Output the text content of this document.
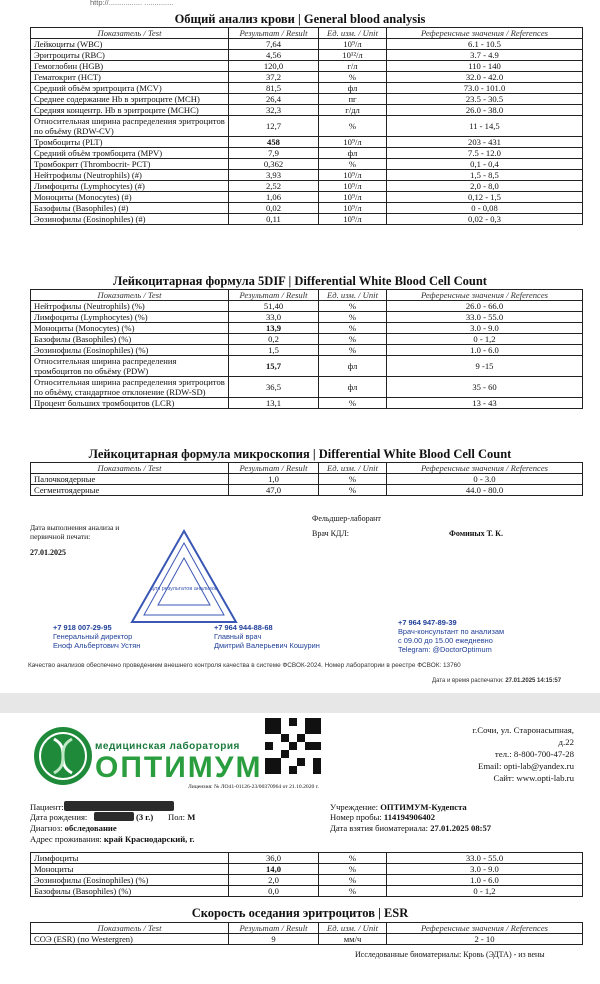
http://................ ..............
Общий анализ крови | General blood analysis
Показатель / Test	Результат / Result	Ед. изм. / Unit	Референсные значения / References
Лейкоциты (WBC)	7,64	10⁹/л	6.1 - 10.5
Эритроциты (RBC)	4,56	10¹²/л	3.7 - 4.9
Гемоглобин (HGB)	120,0	г/л	110 - 140
Гематокрит (HCT)	37,2	%	32.0 - 42.0
Средний объём эритроцита (MCV)	81,5	фл	73.0 - 101.0
Среднее содержание Hb в эритроците (MCH)	26,4	пг	23.5 - 30.5
Средняя концентр. Hb в эритроците (MCHC)	32,3	г/дл	26.0 - 38.0
Относительная ширина распределения эритроцитов по объёму (RDW-CV)	12,7	%	11 - 14,5
Тромбоциты (PLT)	458	10⁹/л	203 - 431
Средний объём тромбоцита (MPV)	7,9	фл	7.5 - 12.0
Тромбокрит (Thrombocrit- PCT)	0,362	%	0,1 - 0,4
Нейтрофилы (Neutrophils) (#)	3,93	10⁹/л	1,5 - 8,5
Лимфоциты (Lymphocytes) (#)	2,52	10⁹/л	2,0 - 8,0
Моноциты (Monocytes) (#)	1,06	10⁹/л	0,12 - 1,5
Базофилы (Basophiles) (#)	0,02	10⁹/л	0 - 0,08
Эозинофилы (Eosinophiles) (#)	0,11	10⁹/л	0,02 - 0,3
Лейкоцитарная формула 5DIF | Differential White Blood Cell Count
Показатель / Test	Результат / Result	Ед. изм. / Unit	Референсные значения / References
Нейтрофилы (Neutrophils) (%)	51,40	%	26.0 - 66.0
Лимфоциты (Lymphocytes) (%)	33,0	%	33.0 - 55.0
Моноциты (Monocytes) (%)	13,9	%	3.0 - 9.0
Базофилы (Basophiles) (%)	0,2	%	0 - 1,2
Эозинофилы (Eosinophiles) (%)	1,5	%	1.0 - 6.0
Относительная ширина распределения тромбоцитов по объёму (PDW)	15,7	фл	9 -15
Относительная ширина распределения эритроцитов по объёму, стандартное отклонение (RDW-SD)	36,5	фл	35 - 60
Процент больших тромбоцитов (LCR)	13,1	%	13 - 43
Лейкоцитарная формула микроскопия | Differential White Blood Cell Count
Показатель / Test	Результат / Result	Ед. изм. / Unit	Референсные значения / References
Палочкоядерные	1,0	%	0 - 3.0
Сегментоядерные	47,0	%	44.0 - 80.0
Дата выполнения анализа и первичной печати:
27.01.2025
Фельдшер-лаборант
Врач КДЛ:	Фоминых Т. К.
Для результатов анализов
+7 918 007-29-95
Генеральный директор
Еноф Альбертович Устян
+7 964 944-88-68
Главный врач
Дмитрий Валерьевич Кошурин
+7 964 947-89-39
Врач-консультант по анализам
с 09.00 до 15.00 ежедневно
Telegram: @DoctorOptimum
Качество анализов обеспечено проведением внешнего контроля качества в системе ФСВОК-2024. Номер лаборатории в реестре ФСВОК: 13760
Дата и время распечатки: 27.01.2025 14:15:57
медицинская лаборатория
ОПТИМУМ
Лицензия: № ЛО41-01126-23/00370964 от 21.10.2020 г.
г.Сочи, ул. Старонасыпная,
д.22
тел.: 8-800-700-47-28
Email: opti-lab@yandex.ru
Сайт: www.opti-lab.ru
Пациент:
Дата рождения:	(3 г.) Пол: М
Диагноз: обследование
Адрес проживания: край Краснодарский, г.
Учреждение: ОПТИМУМ-Кудепста
Номер пробы: 114194906402
Дата взятия биоматериала: 27.01.2025 08:57
Лимфоциты	36,0	%	33.0 - 55.0
Моноциты	14,0	%	3.0 - 9.0
Эозинофилы (Eosinophiles) (%)	2,0	%	1.0 - 6.0
Базофилы (Basophiles) (%)	0,0	%	0 - 1,2
Скорость оседания эритроцитов | ESR
Показатель / Test	Результат / Result	Ед. изм. / Unit	Референсные значения / References
СОЭ (ESR) (по Westergren)	9	мм/ч	2 - 10
Исследованные биоматериалы: Кровь (ЭДТА) - из вены
